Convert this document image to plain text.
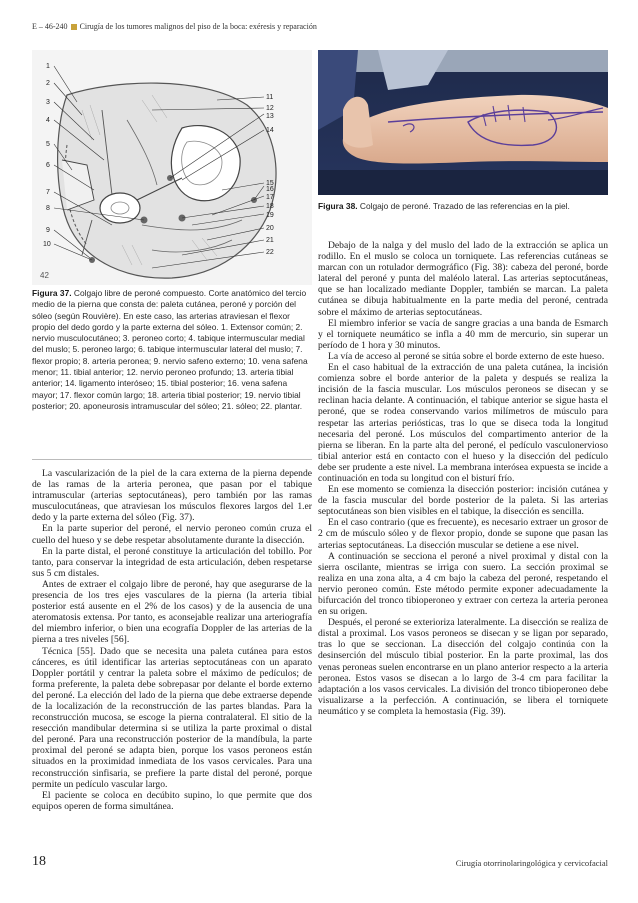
E – 46-240 Cirugía de los tumores malignos del piso de la boca: exéresis y reparación
1
2
3
4
5
6
7
8
9
10
11
12
13
14
15
16
17
18
19
20
21
22
42
Figura 37. Colgajo libre de peroné compuesto. Corte anatómico del tercio medio de la pierna que consta de: paleta cutánea, peroné y porción del sóleo (según Rouvière). En este caso, las arterias atraviesan el flexor propio del dedo gordo y la parte externa del sóleo. 1. Extensor común; 2. nervio musculocutáneo; 3. peroneo corto; 4. tabique intermuscular medial del muslo; 5. peroneo largo; 6. tabique intermuscular lateral del muslo; 7. flexor propio; 8. arteria peronea; 9. nervio safeno externo; 10. vena safena menor; 11. tibial anterior; 12. nervio peroneo profundo; 13. arteria tibial anterior; 14. ligamento interóseo; 15. tibial posterior; 16. vena safena mayor; 17. flexor común largo; 18. arteria tibial posterior; 19. nervio tibial posterior; 20. aponeurosis intramuscular del sóleo; 21. sóleo; 22. plantar.
Figura 38. Colgajo de peroné. Trazado de las referencias en la piel.

La vascularización de la piel de la cara externa de la pierna depende de las ramas de la arteria peronea, que pasan por el tabique intramuscular (arterias septocutáneas), pero también por las ramas musculocutáneas, que atraviesan los músculos flexores largos del 1.er dedo y la parte externa del sóleo (Fig. 37).

En la parte superior del peroné, el nervio peroneo común cruza el cuello del hueso y se debe respetar absolutamente durante la disección.

En la parte distal, el peroné constituye la articulación del tobillo. Por tanto, para conservar la integridad de esta articulación, deben respetarse sus 5 cm distales.

Antes de extraer el colgajo libre de peroné, hay que asegurarse de la presencia de los tres ejes vasculares de la pierna (la arteria tibial posterior está ausente en el 2% de los casos) y de la ausencia de una ateromatosis extensa. Por tanto, es aconsejable realizar una arteriografía del miembro inferior, o bien una ecografía Doppler de las arterias de la pierna a tres niveles [56].

Técnica [55]. Dado que se necesita una paleta cutánea para estos cánceres, es útil identificar las arterias septocutáneas con un aparato Doppler portátil y centrar la paleta sobre el máximo de pedículos; de forma preferente, la paleta debe sobrepasar por delante el borde externo del peroné. La elección del lado de la pierna que debe extraerse depende de la localización de la reconstrucción de las partes blandas. Para la reconstrucción mucosa, se escoge la pierna contralateral. El sitio de la resección mandibular determina si se utiliza la parte proximal o distal del peroné. Para una reconstrucción posterior de la mandíbula, la parte proximal del peroné se adapta bien, porque los vasos peroneos están situados en la proximidad inmediata de los vasos cervicales. Para una reconstrucción sinfisaria, se prefiere la parte distal del peroné, porque permite un pedículo vascular largo.

El paciente se coloca en decúbito supino, lo que permite que dos equipos operen de forma simultánea.

Debajo de la nalga y del muslo del lado de la extracción se aplica un rodillo. En el muslo se coloca un torniquete. Las referencias cutáneas se marcan con un rotulador dermográfico (Fig. 38): cabeza del peroné, borde lateral del peroné y punta del maléolo lateral. Las arterias septocutáneas, que se han localizado mediante Doppler, también se marcan. La paleta cutánea se dibuja habitualmente en la parte media del peroné, centrada sobre el máximo de arterias septocutáneas.

El miembro inferior se vacía de sangre gracias a una banda de Esmarch y el torniquete neumático se infla a 40 mm de mercurio, sin superar un período de 1 hora y 30 minutos.

La vía de acceso al peroné se sitúa sobre el borde externo de este hueso.

En el caso habitual de la extracción de una paleta cutánea, la incisión comienza sobre el borde anterior de la paleta y después se realiza la incisión de la fascia muscular. Los músculos peroneos se disecan y se reclinan hacia delante. A continuación, el tabique anterior se sigue hasta el peroné, que se rodea conservando varios milímetros de músculo para respetar las arterias periósticas, tras lo que se diseca toda la longitud necesaria del peroné. Los músculos del compartimento anterior de la pierna se liberan. En la parte alta del peroné, el pedículo vasculonervioso tibial anterior está en contacto con el hueso y la disección del pedículo debe ser prudente a este nivel. La membrana interósea expuesta se incide a continuación en toda su longitud con el bisturí frío.

En ese momento se comienza la disección posterior: incisión cutánea y de la fascia muscular del borde posterior de la paleta. Si las arterias septocutáneas son bien visibles en el tabique, la disección es sencilla.

En el caso contrario (que es frecuente), es necesario extraer un grosor de 2 cm de músculo sóleo y de flexor propio, donde se supone que pasan las arterias septocutáneas. La disección muscular se detiene a ese nivel.

A continuación se secciona el peroné a nivel proximal y distal con la sierra oscilante, mientras se irriga con suero. La sección proximal se realiza en una zona alta, a 4 cm bajo la cabeza del peroné, respetando el nervio peroneo común. Este método permite exponer adecuadamente la bifurcación del tronco tibioperoneo y extraer con certeza la arteria peronea en su origen.

Después, el peroné se exterioriza lateralmente. La disección se realiza de distal a proximal. Los vasos peroneos se disecan y se ligan por separado, tras lo que se seccionan. La disección del colgajo continúa con la desinserción del músculo tibial posterior. En la parte proximal, las dos venas peroneas suelen encontrarse en un plano anterior respecto a la arteria peronea. Estos vasos se disecan a lo largo de 3-4 cm para facilitar la adaptación a los vasos cervicales. La división del tronco tibioperoneo debe visualizarse a la perfección. A continuación, se libera el torniquete neumático y se completa la hemostasia (Fig. 39).

18	Cirugía otorrinolaringológica y cervicofacial
